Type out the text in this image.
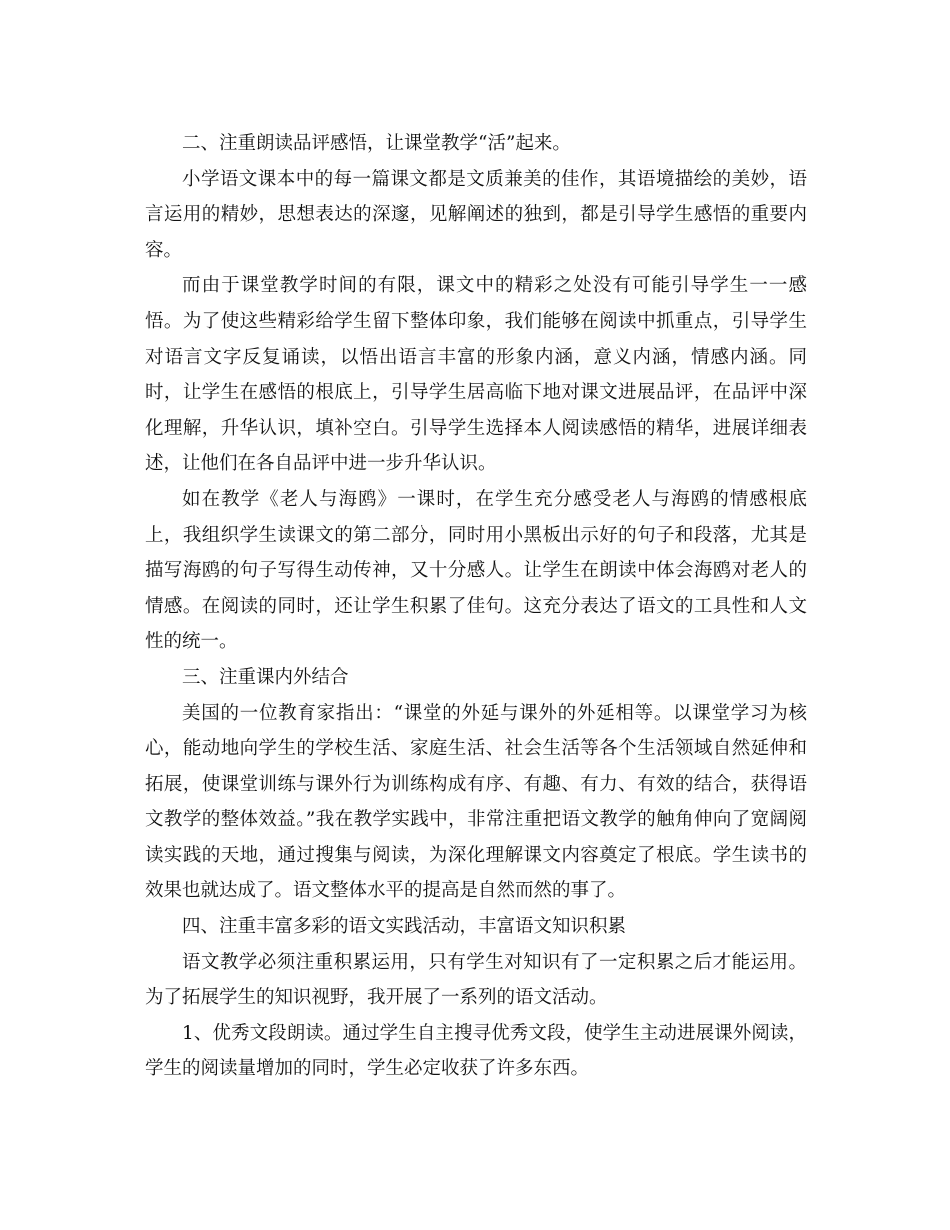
二、注重朗读品评感悟，让课堂教学“活”起来。

小学语文课本中的每一篇课文都是文质兼美的佳作，其语境描绘的美妙，语言运用的精妙，思想表达的深邃，见解阐述的独到，都是引导学生感悟的重要内容。

而由于课堂教学时间的有限，课文中的精彩之处没有可能引导学生一一感悟。为了使这些精彩给学生留下整体印象，我们能够在阅读中抓重点，引导学生对语言文字反复诵读，以悟出语言丰富的形象内涵，意义内涵，情感内涵。同时，让学生在感悟的根底上，引导学生居高临下地对课文进展品评，在品评中深化理解，升华认识，填补空白。引导学生选择本人阅读感悟的精华，进展详细表述，让他们在各自品评中进一步升华认识。

如在教学《老人与海鸥》一课时，在学生充分感受老人与海鸥的情感根底上，我组织学生读课文的第二部分，同时用小黑板出示好的句子和段落，尤其是描写海鸥的句子写得生动传神，又十分感人。让学生在朗读中体会海鸥对老人的情感。在阅读的同时，还让学生积累了佳句。这充分表达了语文的工具性和人文性的统一。

三、注重课内外结合

美国的一位教育家指出：“课堂的外延与课外的外延相等。以课堂学习为核心，能动地向学生的学校生活、家庭生活、社会生活等各个生活领域自然延伸和拓展，使课堂训练与课外行为训练构成有序、有趣、有力、有效的结合，获得语文教学的整体效益。”我在教学实践中，非常注重把语文教学的触角伸向了宽阔阅读实践的天地，通过搜集与阅读，为深化理解课文内容奠定了根底。学生读书的效果也就达成了。语文整体水平的提高是自然而然的事了。

四、注重丰富多彩的语文实践活动，丰富语文知识积累

语文教学必须注重积累运用，只有学生对知识有了一定积累之后才能运用。为了拓展学生的知识视野，我开展了一系列的语文活动。

1、优秀文段朗读。通过学生自主搜寻优秀文段，使学生主动进展课外阅读，学生的阅读量增加的同时，学生必定收获了许多东西。
